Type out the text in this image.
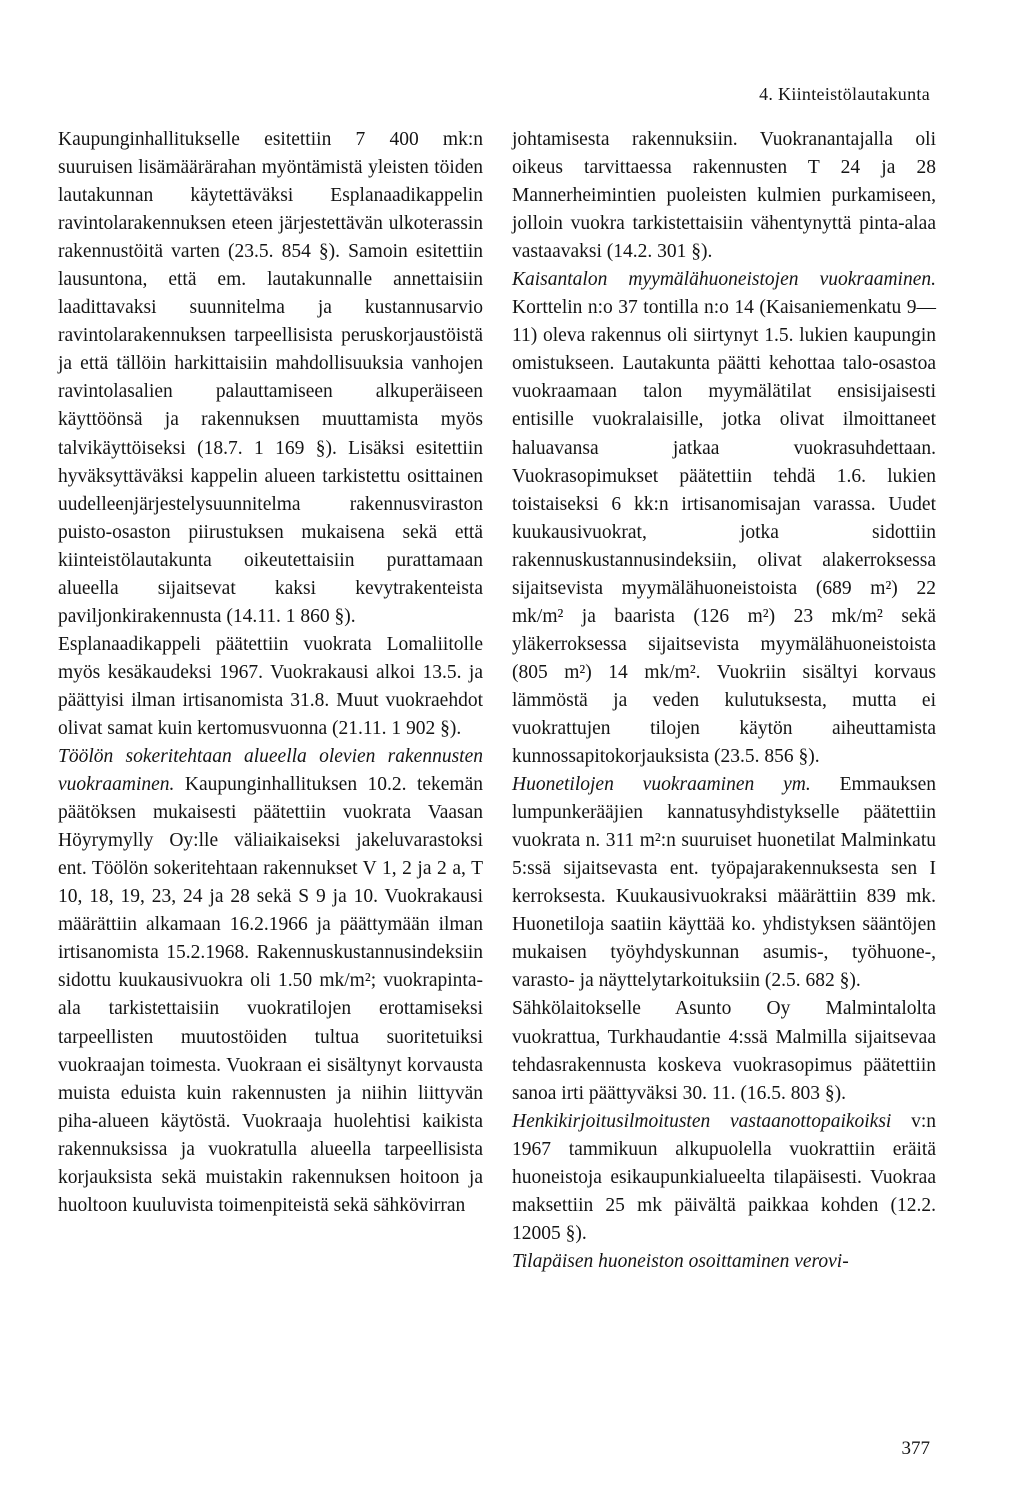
4. Kiinteistölautakunta

Kaupunginhallitukselle esitettiin 7 400 mk:n suuruisen lisämäärärahan myöntämistä yleisten töiden lautakunnan käytettäväksi Esplanaadikappelin ravintolarakennuksen eteen järjestettävän ulkoterassin rakennustöitä varten (23.5. 854 §). Samoin esitettiin lausuntona, että em. lautakunnalle annettaisiin laadittavaksi suunnitelma ja kustannusarvio ravintolarakennuksen tarpeellisista peruskorjaustöistä ja että tällöin harkittaisiin mahdollisuuksia vanhojen ravintolasalien palauttamiseen alkuperäiseen käyttöönsä ja rakennuksen muuttamista myös talvikäyttöiseksi (18.7. 1 169 §). Lisäksi esitettiin hyväksyttäväksi kappelin alueen tarkistettu osittainen uudelleenjärjestelysuunnitelma rakennusviraston puisto-osaston piirustuksen mukaisena sekä että kiinteistölautakunta oikeutettaisiin purattamaan alueella sijaitsevat kaksi kevytrakenteista paviljonkirakennusta (14.11. 1 860 §).

Esplanaadikappeli päätettiin vuokrata Lomaliitolle myös kesäkaudeksi 1967. Vuokrakausi alkoi 13.5. ja päättyisi ilman irtisanomista 31.8. Muut vuokraehdot olivat samat kuin kertomusvuonna (21.11. 1 902 §).

Töölön sokeritehtaan alueella olevien rakennusten vuokraaminen. Kaupunginhallituksen 10.2. tekemän päätöksen mukaisesti päätettiin vuokrata Vaasan Höyrymylly Oy:lle väliaikaiseksi jakeluvarastoksi ent. Töölön sokeritehtaan rakennukset V 1, 2 ja 2 a, T 10, 18, 19, 23, 24 ja 28 sekä S 9 ja 10. Vuokrakausi määrättiin alkamaan 16.2.1966 ja päättymään ilman irtisanomista 15.2.1968. Rakennuskustannusindeksiin sidottu kuukausivuokra oli 1.50 mk/m²; vuokrapinta-ala tarkistettaisiin vuokratilojen erottamiseksi tarpeellisten muutostöiden tultua suoritetuiksi vuokraajan toimesta. Vuokraan ei sisältynyt korvausta muista eduista kuin rakennusten ja niihin liittyvän piha-alueen käytöstä. Vuokraaja huolehtisi kaikista rakennuksissa ja vuokratulla alueella tarpeellisista korjauksista sekä muistakin rakennuksen hoitoon ja huoltoon kuuluvista toimenpiteistä sekä sähkövirran

johtamisesta rakennuksiin. Vuokranantajalla oli oikeus tarvittaessa rakennusten T 24 ja 28 Mannerheimintien puoleisten kulmien purkamiseen, jolloin vuokra tarkistettaisiin vähentynyttä pinta-alaa vastaavaksi (14.2. 301 §).

Kaisantalon myymälähuoneistojen vuokraaminen. Korttelin n:o 37 tontilla n:o 14 (Kaisaniemenkatu 9—11) oleva rakennus oli siirtynyt 1.5. lukien kaupungin omistukseen. Lautakunta päätti kehottaa talo-osastoa vuokraamaan talon myymälätilat ensisijaisesti entisille vuokralaisille, jotka olivat ilmoittaneet haluavansa jatkaa vuokrasuhdettaan. Vuokrasopimukset päätettiin tehdä 1.6. lukien toistaiseksi 6 kk:n irtisanomisajan varassa. Uudet kuukausivuokrat, jotka sidottiin rakennuskustannusindeksiin, olivat alakerroksessa sijaitsevista myymälähuoneistoista (689 m²) 22 mk/m² ja baarista (126 m²) 23 mk/m² sekä yläkerroksessa sijaitsevista myymälähuoneistoista (805 m²) 14 mk/m². Vuokriin sisältyi korvaus lämmöstä ja veden kulutuksesta, mutta ei vuokrattujen tilojen käytön aiheuttamista kunnossapitokorjauksista (23.5. 856 §).

Huonetilojen vuokraaminen ym. Emmauksen lumpunkerääjien kannatusyhdistykselle päätettiin vuokrata n. 311 m²:n suuruiset huonetilat Malminkatu 5:ssä sijaitsevasta ent. työpajarakennuksesta sen I kerroksesta. Kuukausivuokraksi määrättiin 839 mk. Huonetiloja saatiin käyttää ko. yhdistyksen sääntöjen mukaisen työyhdyskunnan asumis-, työhuone-, varasto- ja näyttelytarkoituksiin (2.5. 682 §).

Sähkölaitokselle Asunto Oy Malmintalolta vuokrattua, Turkhaudantie 4:ssä Malmilla sijaitsevaa tehdasrakennusta koskeva vuokrasopimus päätettiin sanoa irti päättyväksi 30. 11. (16.5. 803 §).

Henkikirjoitusilmoitusten vastaanottopaikoiksi v:n 1967 tammikuun alkupuolella vuokrattiin eräitä huoneistoja esikaupunkialueelta tilapäisesti. Vuokraa maksettiin 25 mk päivältä paikkaa kohden (12.2. 12005 §).

Tilapäisen huoneiston osoittaminen verovi-

377
